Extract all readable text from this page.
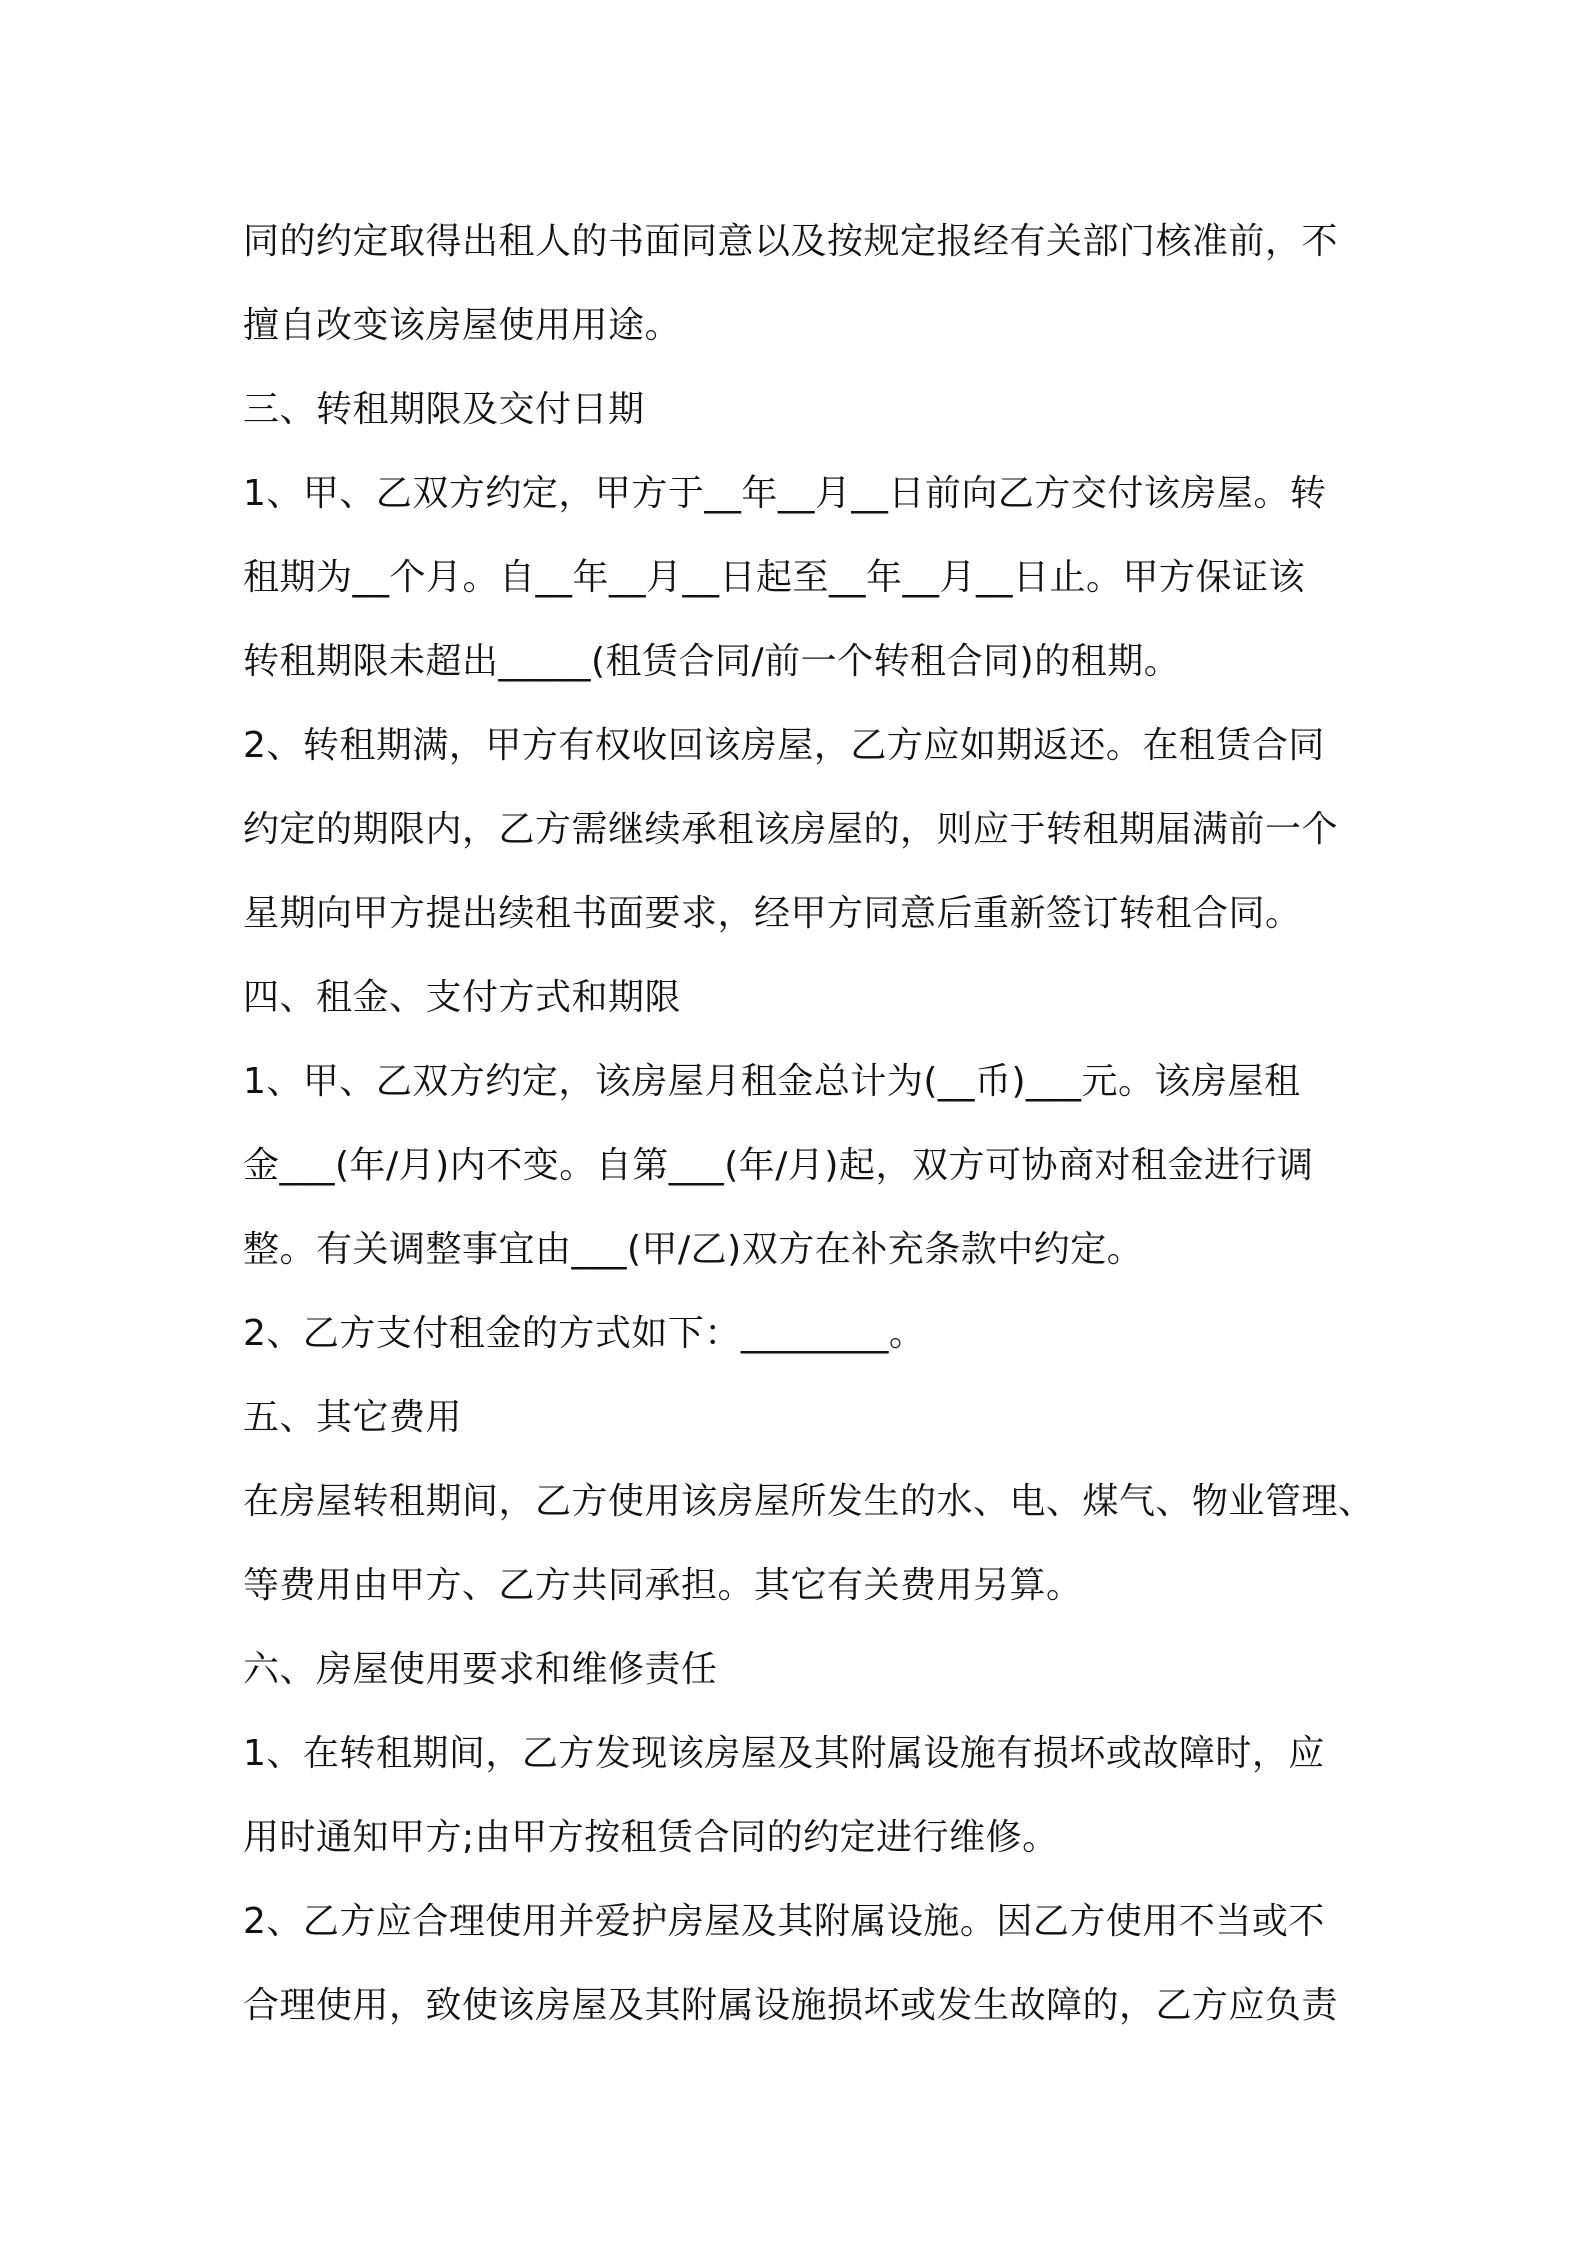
同的约定取得出租人的书面同意以及按规定报经有关部门核准前，不
擅自改变该房屋使用用途。
三、转租期限及交付日期
1、甲、乙双方约定，甲方于__年__月__日前向乙方交付该房屋。转
租期为__个月。自__年__月__日起至__年__月__日止。甲方保证该
转租期限未超出_____(租赁合同/前一个转租合同)的租期。
2、转租期满，甲方有权收回该房屋，乙方应如期返还。在租赁合同
约定的期限内，乙方需继续承租该房屋的，则应于转租期届满前一个
星期向甲方提出续租书面要求，经甲方同意后重新签订转租合同。
四、租金、支付方式和期限
1、甲、乙双方约定，该房屋月租金总计为(__币)___元。该房屋租
金___(年/月)内不变。自第___(年/月)起，双方可协商对租金进行调
整。有关调整事宜由___(甲/乙)双方在补充条款中约定。
2、乙方支付租金的方式如下：________。
五、其它费用
在房屋转租期间，乙方使用该房屋所发生的水、电、煤气、物业管理、
等费用由甲方、乙方共同承担。其它有关费用另算。
六、房屋使用要求和维修责任
1、在转租期间，乙方发现该房屋及其附属设施有损坏或故障时，应
用时通知甲方;由甲方按租赁合同的约定进行维修。
2、乙方应合理使用并爱护房屋及其附属设施。因乙方使用不当或不
合理使用，致使该房屋及其附属设施损坏或发生故障的，乙方应负责
